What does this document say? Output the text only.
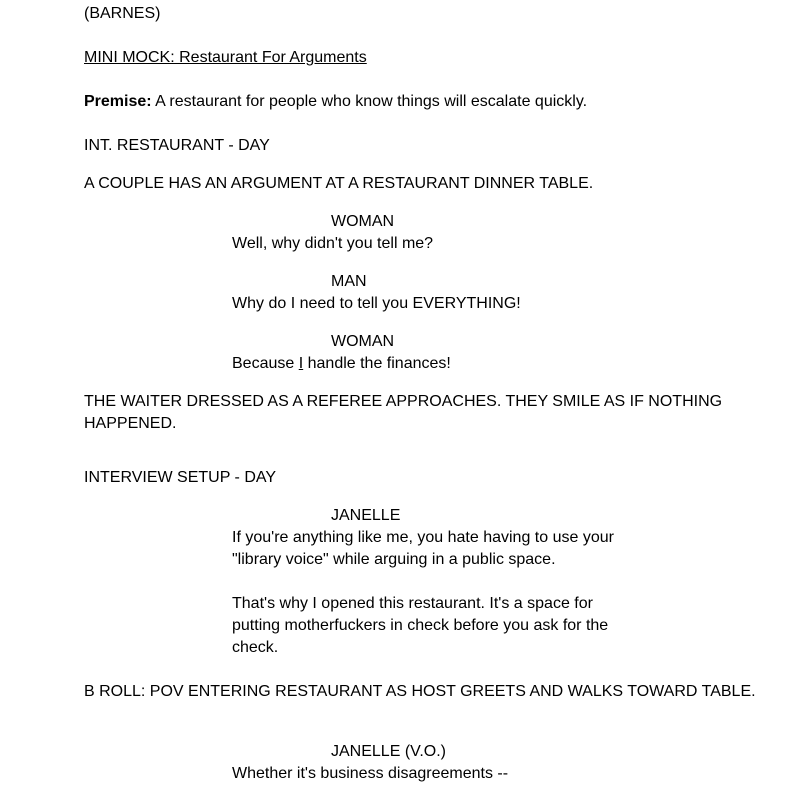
(BARNES)
MINI MOCK: Restaurant For Arguments
Premise: A restaurant for people who know things will escalate quickly.
INT. RESTAURANT - DAY
A COUPLE HAS AN ARGUMENT AT A RESTAURANT DINNER TABLE.
WOMAN
Well, why didn't you tell me?
MAN
Why do I need to tell you EVERYTHING!
WOMAN
Because I handle the finances!
THE WAITER DRESSED AS A REFEREE APPROACHES. THEY SMILE AS IF NOTHING
HAPPENED.
INTERVIEW SETUP - DAY
JANELLE
If you're anything like me, you hate having to use your
"library voice" while arguing in a public space.
That's why I opened this restaurant. It's a space for
putting motherfuckers in check before you ask for the
check.
B ROLL: POV ENTERING RESTAURANT AS HOST GREETS AND WALKS TOWARD TABLE.
JANELLE (V.O.)
Whether it's business disagreements --
